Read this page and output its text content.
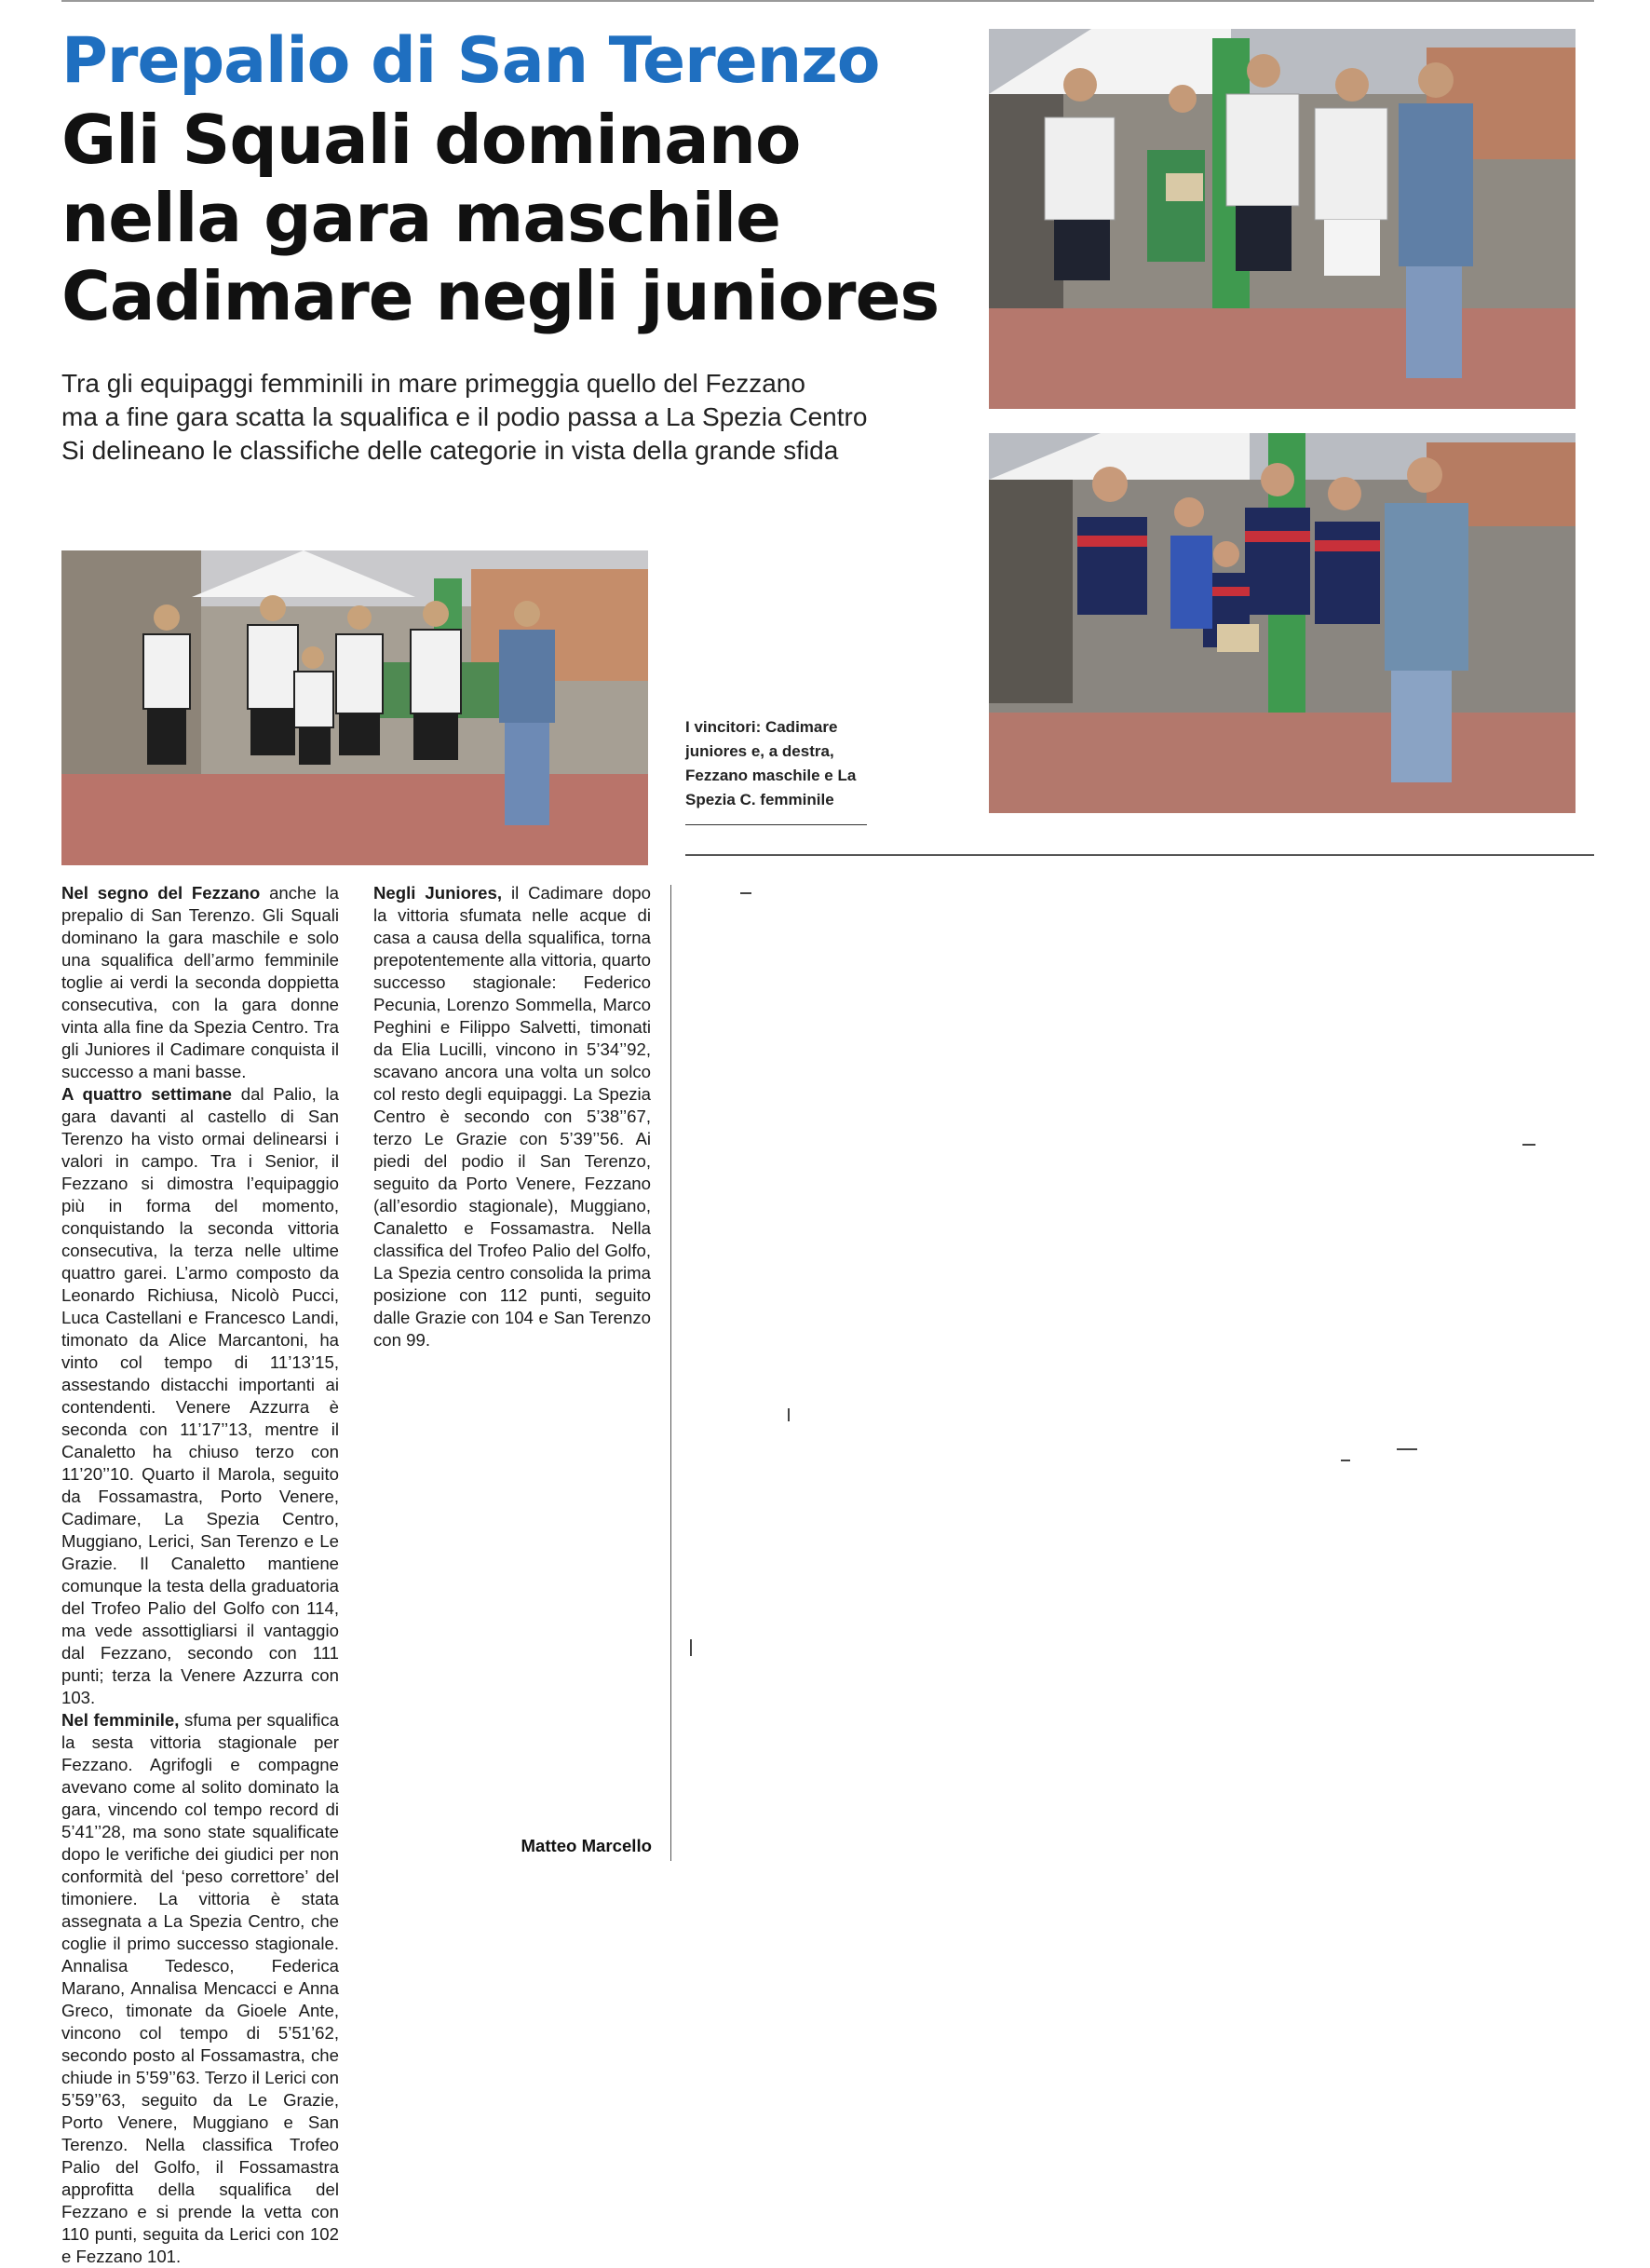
Prepalio di San Terenzo
Gli Squali dominano
nella gara maschile
Cadimare negli juniores
Tra gli equipaggi femminili in mare primeggia quello del Fezzano
ma a fine gara scatta la squalifica e il podio passa a La Spezia Centro
Si delineano le classifiche delle categorie in vista della grande sfida
I vincitori: Cadimare juniores e, a destra, Fezzano maschile e La Spezia C. femminile

Nel segno del Fezzano anche la prepalio di San Terenzo. Gli Squali dominano la gara maschile e solo una squalifica dell’armo femminile toglie ai verdi la seconda doppietta consecutiva, con la gara donne vinta alla fine da Spezia Centro. Tra gli Juniores il Cadimare conquista il successo a mani basse.

A quattro settimane dal Palio, la gara davanti al castello di San Terenzo ha visto ormai delinearsi i valori in campo. Tra i Senior, il Fezzano si dimostra l’equipaggio più in forma del momento, conquistando la seconda vittoria consecutiva, la terza nelle ultime quattro garei. L’armo composto da Leonardo Richiusa, Nicolò Pucci, Luca Castellani e Francesco Landi, timonato da Alice Marcantoni, ha vinto col tempo di 11’13’15, assestando distacchi importanti ai contendenti. Venere Azzurra è seconda con 11’17’’13, mentre il Canaletto ha chiuso terzo con 11’20’’10. Quarto il Marola, seguito da Fossamastra, Porto Venere, Cadimare, La Spezia Centro, Muggiano, Lerici, San Terenzo e Le Grazie. Il Canaletto mantiene comunque la testa della graduatoria del Trofeo Palio del Golfo con 114, ma vede assottigliarsi il vantaggio dal Fezzano, secondo con 111 punti; terza la Venere Azzurra con 103.

Nel femminile, sfuma per squalifica la sesta vittoria stagionale per Fezzano. Agrifogli e compagne avevano come al solito dominato la gara, vincendo col tempo record di 5’41’’28, ma sono state squalificate dopo le verifiche dei giudici per non conformità del ‘peso correttore’ del timoniere. La vittoria è stata assegnata a La Spezia Centro, che coglie il primo successo stagionale. Annalisa Tedesco, Federica Marano, Annalisa Mencacci e Anna Greco, timonate da Gioele Ante, vincono col tempo di 5’51’62, secondo posto al Fossamastra, che chiude in 5’59’’63. Terzo il Lerici con 5’59’’63, seguito da Le Grazie, Porto Venere, Muggiano e San Terenzo. Nella classifica Trofeo Palio del Golfo, il Fossamastra approfitta della squalifica del Fezzano e si prende la vetta con 110 punti, seguita da Lerici con 102 e Fezzano 101.

Negli Juniores, il Cadimare dopo la vittoria sfumata nelle acque di casa a causa della squalifica, torna prepotentemente alla vittoria, quarto successo stagionale: Federico Pecunia, Lorenzo Sommella, Marco Peghini e Filippo Salvetti, timonati da Elia Lucilli, vincono in 5’34’’92, scavano ancora una volta un solco col resto degli equipaggi. La Spezia Centro è secondo con 5’38’’67, terzo Le Grazie con 5’39’’56. Ai piedi del podio il San Terenzo, seguito da Porto Venere, Fezzano (all’esordio stagionale), Muggiano, Canaletto e Fossamastra. Nella classifica del Trofeo Palio del Golfo, La Spezia centro consolida la prima posizione con 112 punti, seguito dalle Grazie con 104 e San Terenzo con 99.

Matteo Marcello
